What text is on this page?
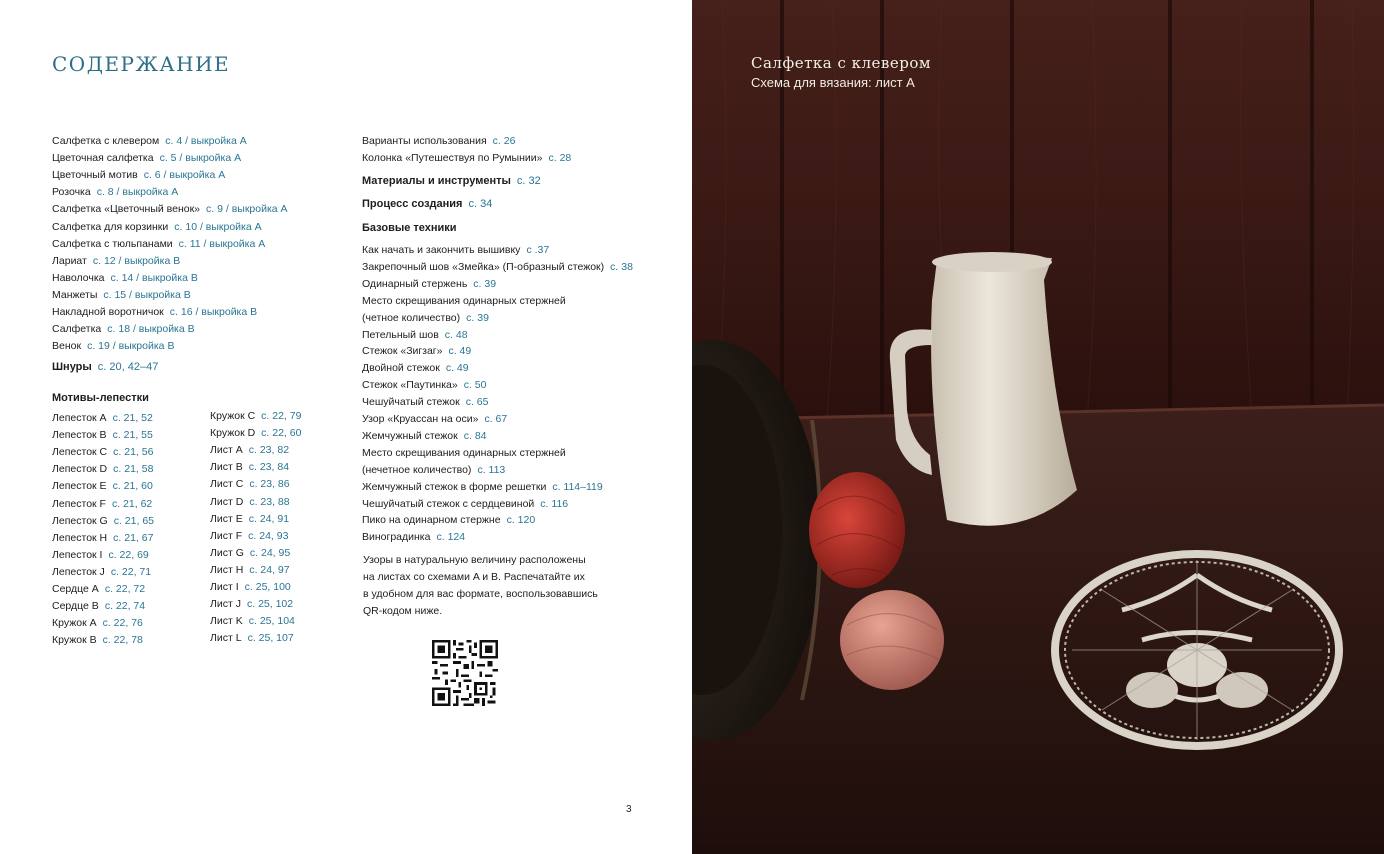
СОДЕРЖАНИЕ
Салфетка с клевером с. 4 / выкройка А
Цветочная салфетка с. 5 / выкройка А
Цветочный мотив с. 6 / выкройка А
Розочка с. 8 / выкройка А
Салфетка «Цветочный венок» с. 9 / выкройка А
Салфетка для корзинки с. 10 / выкройка А
Салфетка с тюльпанами с. 11 / выкройка А
Лариат с. 12 / выкройка В
Наволочка с. 14 / выкройка В
Манжеты с. 15 / выкройка В
Накладной воротничок с. 16 / выкройка В
Салфетка с. 18 / выкройка В
Венок с. 19 / выкройка В
Шнуры с. 20, 42–47
Мотивы-лепестки
Лепесток A с. 21, 52
Лепесток B с. 21, 55
Лепесток C с. 21, 56
Лепесток D с. 21, 58
Лепесток E с. 21, 60
Лепесток F с. 21, 62
Лепесток G с. 21, 65
Лепесток H с. 21, 67
Лепесток I с. 22, 69
Лепесток J с. 22, 71
Сердце A с. 22, 72
Сердце B с. 22, 74
Кружок A с. 22, 76
Кружок B с. 22, 78
Кружок C с. 22, 79
Кружок D с. 22, 60
Лист A с. 23, 82
Лист B с. 23, 84
Лист C с. 23, 86
Лист D с. 23, 88
Лист E с. 24, 91
Лист F с. 24, 93
Лист G с. 24, 95
Лист H с. 24, 97
Лист I с. 25, 100
Лист J с. 25, 102
Лист K с. 25, 104
Лист L с. 25, 107
Варианты использования с. 26
Колонка «Путешествуя по Румынии» с. 28
Материалы и инструменты с. 32
Процесс создания с. 34
Базовые техники
Как начать и закончить вышивку с .37
Закрепочный шов «Змейка» (П-образный стежок) с. 38
Одинарный стержень с. 39
Место скрещивания одинарных стержней
(четное количество) с. 39
Петельный шов с. 48
Стежок «Зигзаг» с. 49
Двойной стежок с. 49
Стежок «Паутинка» с. 50
Чешуйчатый стежок с. 65
Узор «Круассан на оси» с. 67
Жемчужный стежок с. 84
Место скрещивания одинарных стержней
(нечетное количество) с. 113
Жемчужный стежок в форме решетки с. 114–119
Чешуйчатый стежок с сердцевиной с. 116
Пико на одинарном стержне с. 120
Виноградинка с. 124
Узоры в натуральную величину расположены
на листах со схемами A и B. Распечатайте их
в удобном для вас формате, воспользовавшись
QR-кодом ниже.
3
Салфетка с клевером
Схема для вязания: лист A
